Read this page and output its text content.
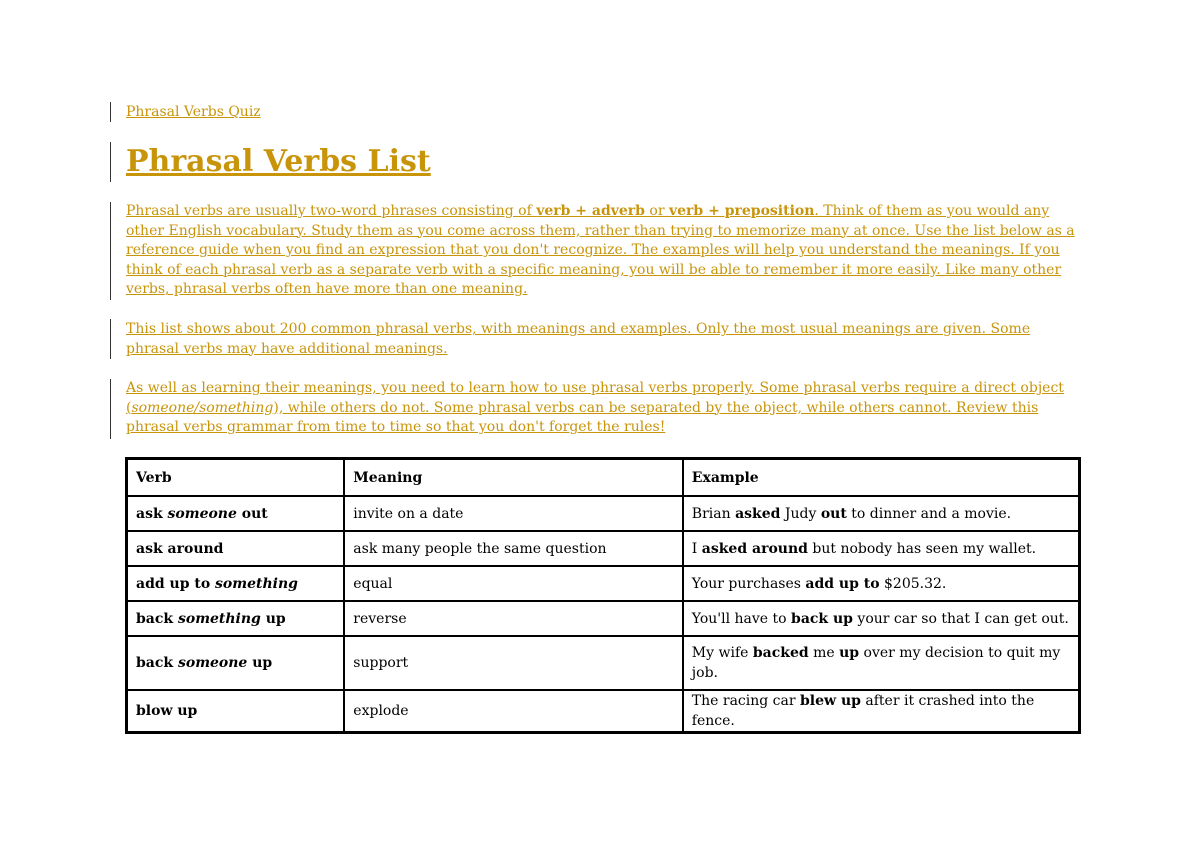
Phrasal Verbs Quiz
Phrasal Verbs List

Phrasal verbs are usually two-word phrases consisting of verb + adverb or verb + preposition. Think of them as you would any other English vocabulary. Study them as you come across them, rather than trying to memorize many at once. Use the list below as a reference guide when you find an expression that you don't recognize. The examples will help you understand the meanings. If you think of each phrasal verb as a separate verb with a specific meaning, you will be able to remember it more easily. Like many other verbs, phrasal verbs often have more than one meaning.

This list shows about 200 common phrasal verbs, with meanings and examples. Only the most usual meanings are given. Some phrasal verbs may have additional meanings.

As well as learning their meanings, you need to learn how to use phrasal verbs properly. Some phrasal verbs require a direct object (someone/something), while others do not. Some phrasal verbs can be separated by the object, while others cannot. Review this phrasal verbs grammar from time to time so that you don't forget the rules!

Verb	Meaning	Example
ask someone out	invite on a date	Brian asked Judy out to dinner and a movie.
ask around	ask many people the same question	I asked around but nobody has seen my wallet.
add up to something	equal	Your purchases add up to $205.32.
back something up	reverse	You'll have to back up your car so that I can get out.
back someone up	support	My wife backed me up over my decision to quit my job.
blow up	explode	The racing car blew up after it crashed into the fence.
